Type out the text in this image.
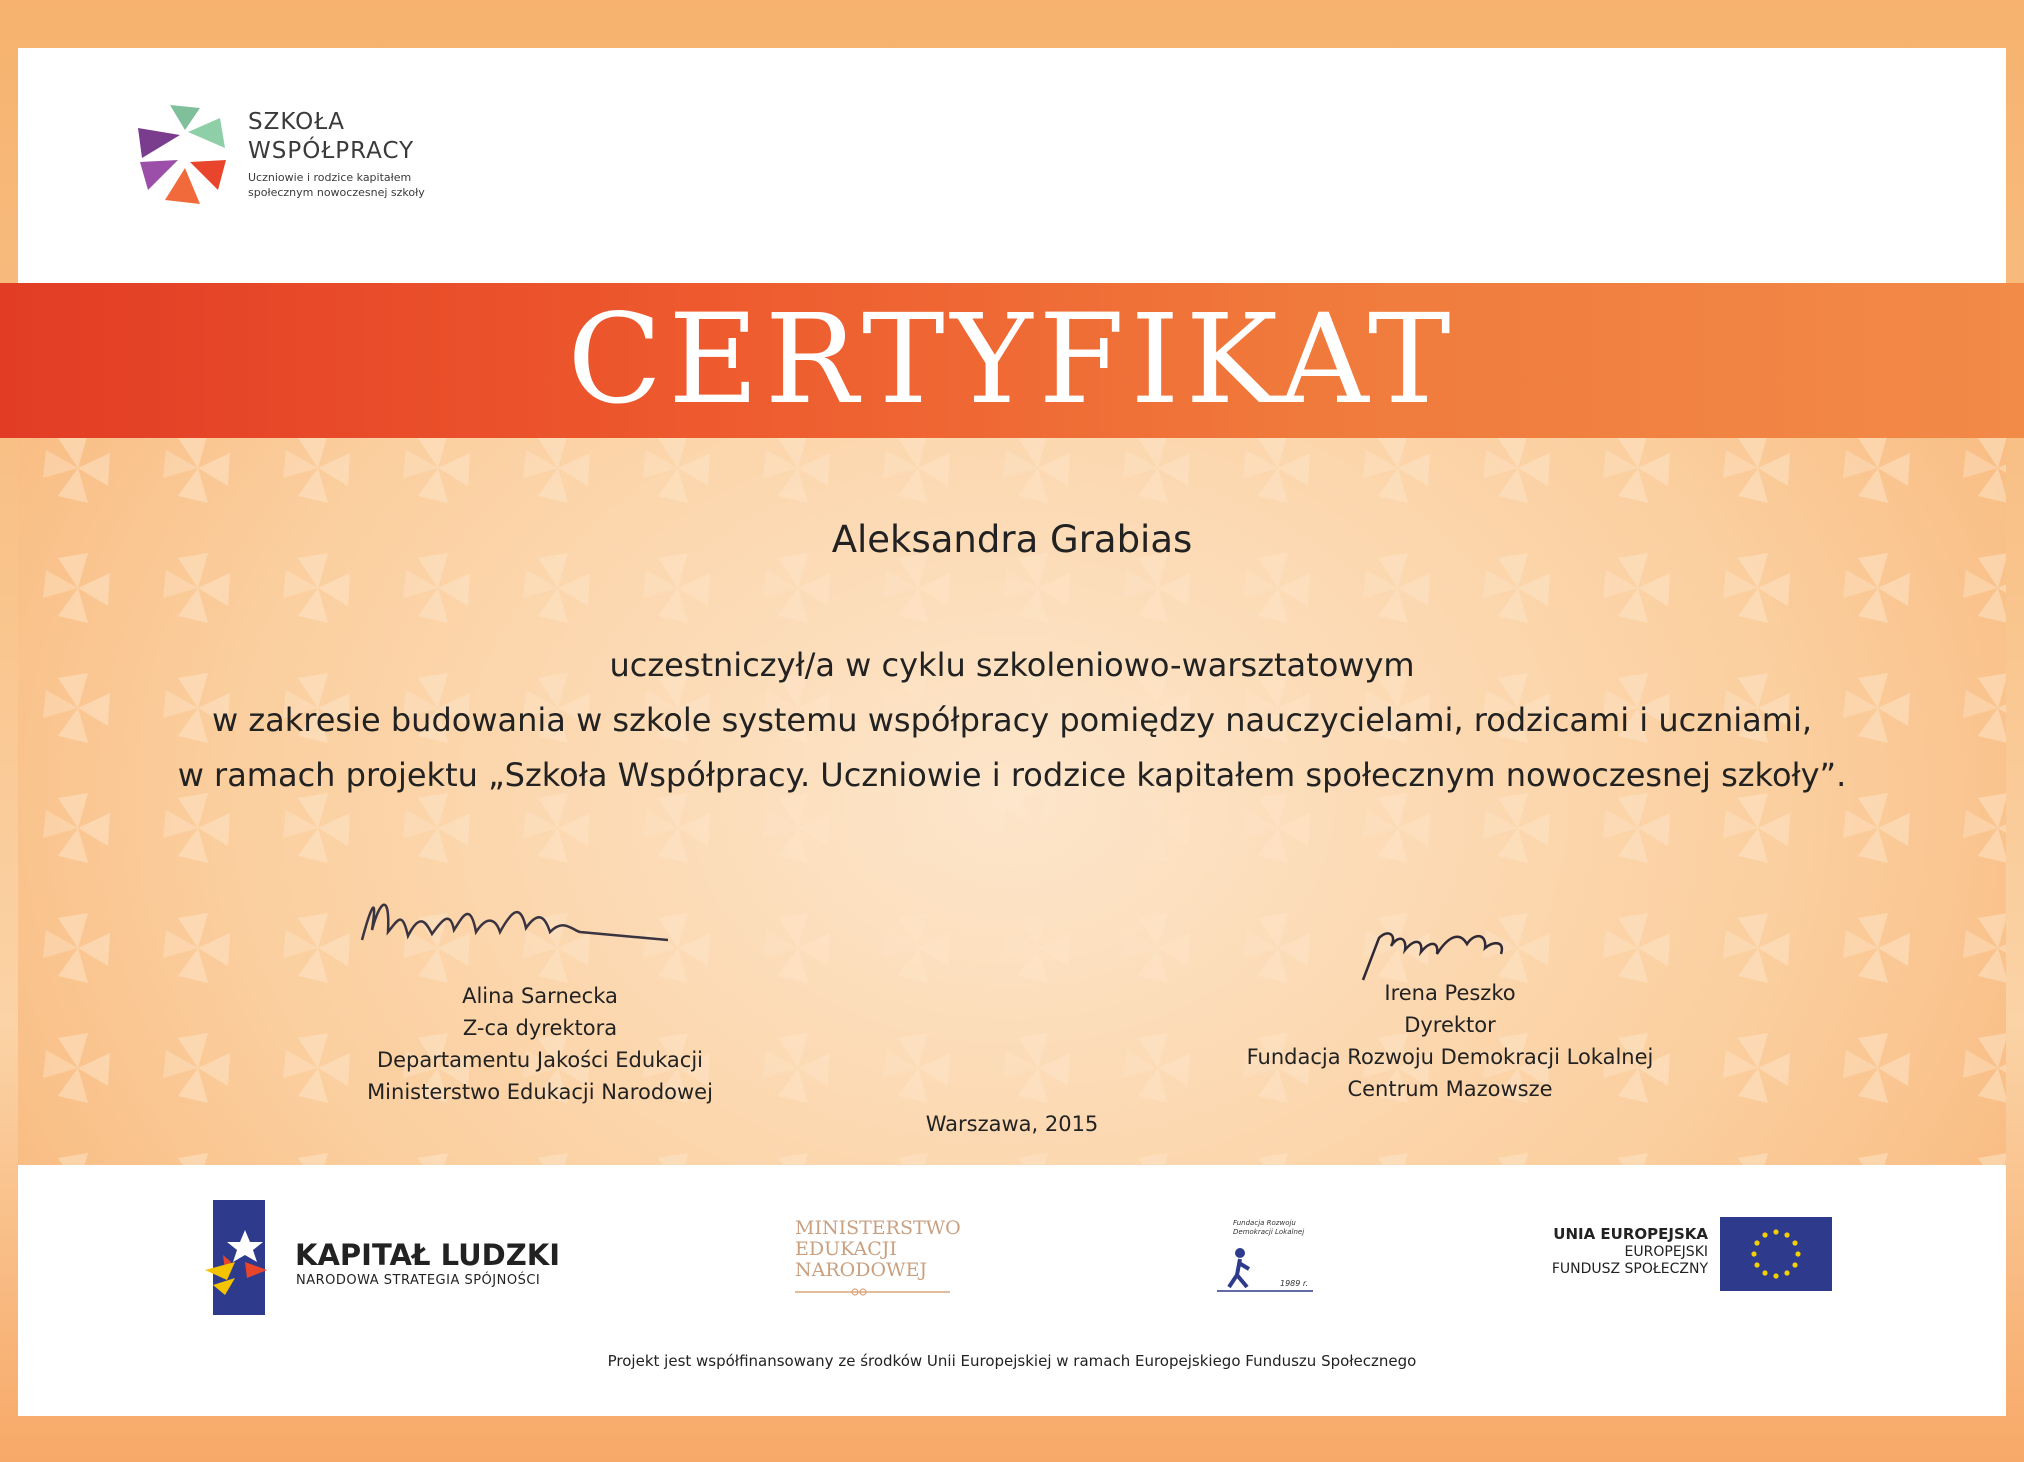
SZKOŁA
WSPÓŁPRACY
Uczniowie i rodzice kapitałem
społecznym nowoczesnej szkoły
CERTYFIKAT
Aleksandra Grabias
uczestniczył/a w cyklu szkoleniowo-warsztatowym
w zakresie budowania w szkole systemu współpracy pomiędzy nauczycielami, rodzicami i uczniami,
w ramach projektu „Szkoła Współpracy. Uczniowie i rodzice kapitałem społecznym nowoczesnej szkoły”.
Alina Sarnecka
Z-ca dyrektora
Departamentu Jakości Edukacji
Ministerstwo Edukacji Narodowej
Irena Peszko
Dyrektor
Fundacja Rozwoju Demokracji Lokalnej
Centrum Mazowsze
Warszawa, 2015
KAPITAŁ LUDZKI
NARODOWA STRATEGIA SPÓJNOŚCI
MINISTERSTWO
EDUKACJI
NARODOWEJ
Fundacja Rozwoju
Demokracji Lokalnej
1989 r.
UNIA EUROPEJSKA
EUROPEJSKI
FUNDUSZ SPOŁECZNY
Projekt jest współfinansowany ze środków Unii Europejskiej w ramach Europejskiego Funduszu Społecznego
